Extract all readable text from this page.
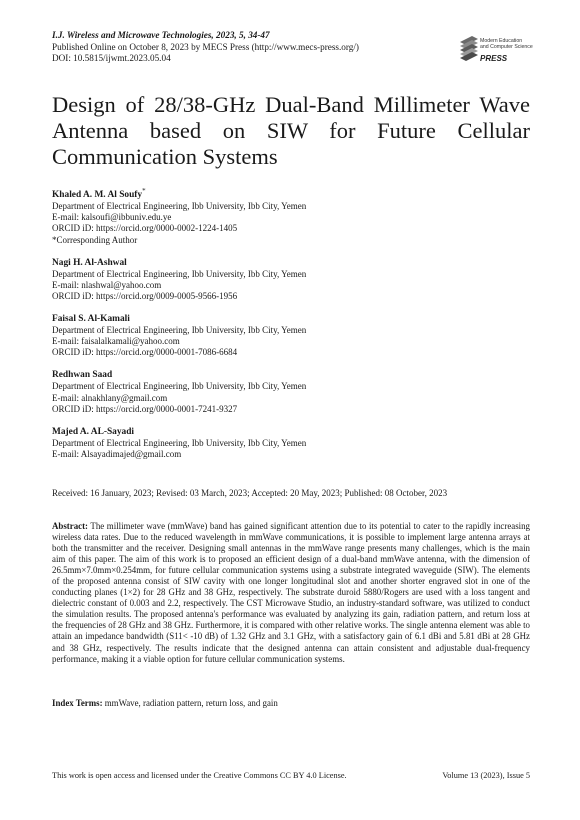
I.J. Wireless and Microwave Technologies, 2023, 5, 34-47
Published Online on October 8, 2023 by MECS Press (http://www.mecs-press.org/)
DOI: 10.5815/ijwmt.2023.05.04
Modern Education
and Computer Science
PRESS
Design of 28/38-GHz Dual-Band Millimeter Wave Antenna based on SIW for Future Cellular Communication Systems
Khaled A. M. Al Soufy*
Department of Electrical Engineering, Ibb University, Ibb City, Yemen
E-mail: kalsoufi@ibbuniv.edu.ye
ORCID iD: https://orcid.org/0000-0002-1224-1405
*Corresponding Author
Nagi H. Al-Ashwal
Department of Electrical Engineering, Ibb University, Ibb City, Yemen
E-mail: nlashwal@yahoo.com
ORCID iD: https://orcid.org/0009-0005-9566-1956
Faisal S. Al-Kamali
Department of Electrical Engineering, Ibb University, Ibb City, Yemen
E-mail: faisalalkamali@yahoo.com
ORCID iD: https://orcid.org/0000-0001-7086-6684
Redhwan Saad
Department of Electrical Engineering, Ibb University, Ibb City, Yemen
E-mail: alnakhlany@gmail.com
ORCID iD: https://orcid.org/0000-0001-7241-9327
Majed A. AL-Sayadi
Department of Electrical Engineering, Ibb University, Ibb City, Yemen
E-mail: Alsayadimajed@gmail.com
Received: 16 January, 2023; Revised: 03 March, 2023; Accepted: 20 May, 2023; Published: 08 October, 2023

Abstract: The millimeter wave (mmWave) band has gained significant attention due to its potential to cater to the rapidly increasing wireless data rates. Due to the reduced wavelength in mmWave communications, it is possible to implement large antenna arrays at both the transmitter and the receiver. Designing small antennas in the mmWave range presents many challenges, which is the main aim of this paper. The aim of this work is to proposed an efficient design of a dual-band mmWave antenna, with the dimension of 26.5mm×7.0mm×0.254mm, for future cellular communication systems using a substrate integrated waveguide (SIW). The elements of the proposed antenna consist of SIW cavity with one longer longitudinal slot and another shorter engraved slot in one of the conducting planes (1×2) for 28 GHz and 38 GHz, respectively. The substrate duroid 5880/Rogers are used with a loss tangent and dielectric constant of 0.003 and 2.2, respectively. The CST Microwave Studio, an industry-standard software, was utilized to conduct the simulation results. The proposed antenna's performance was evaluated by analyzing its gain, radiation pattern, and return loss at the frequencies of 28 GHz and 38 GHz. Furthermore, it is compared with other relative works. The single antenna element was able to attain an impedance bandwidth (S11< -10 dB) of 1.32 GHz and 3.1 GHz, with a satisfactory gain of 6.1 dBi and 5.81 dBi at 28 GHz and 38 GHz, respectively. The results indicate that the designed antenna can attain consistent and adjustable dual-frequency performance, making it a viable option for future cellular communication systems.

Index Terms: mmWave, radiation pattern, return loss, and gain
This work is open access and licensed under the Creative Commons CC BY 4.0 License.	Volume 13 (2023), Issue 5
